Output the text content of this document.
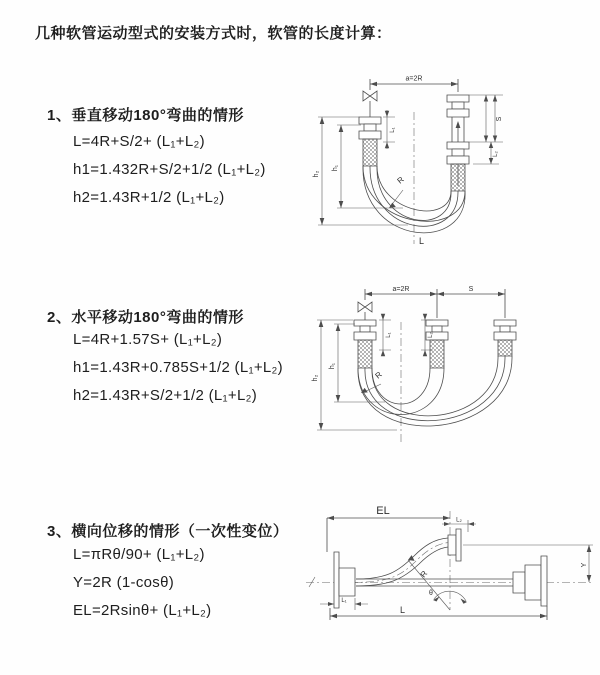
几种软管运动型式的安装方式时，软管的长度计算：
1、垂直移动180°弯曲的情形
L=4R+S/2+ (L₁+L₂)
h1=1.432R+S/2+1/2 (L₁+L₂)
h2=1.43R+1/2 (L₁+L₂)
2、水平移动180°弯曲的情形
L=4R+1.57S+ (L₁+L₂)
h1=1.43R+0.785S+1/2 (L₁+L₂)
h2=1.43R+S/2+1/2 (L₁+L₂)
3、横向位移的情形（一次性变位）
L=πRθ/90+ (L₁+L₂)
Y=2R (1-cosθ)
EL=2Rsinθ+ (L₁+L₂)
a=2R
R
L
h₂
h₁
L₁
S
L₂
a=2R	S
R
h₂
h₁
L₁	L₂
EL
L₂
Y
R
θ
L
L₁
